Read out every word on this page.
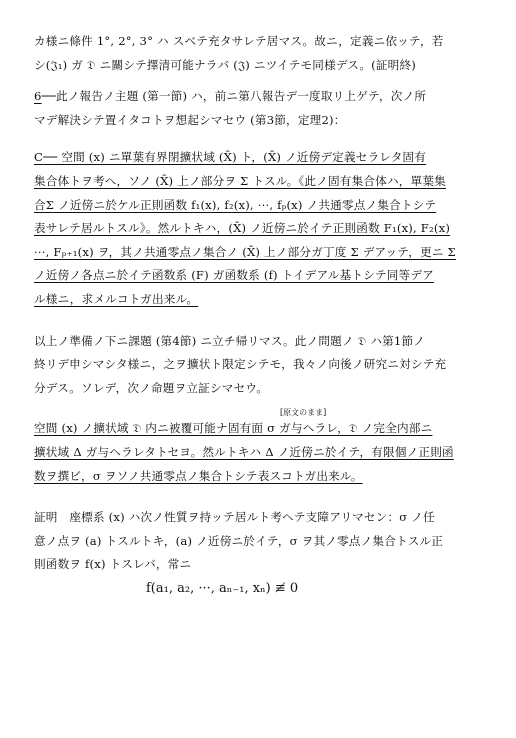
カ様ニ條件 1°, 2°, 3° ハ スベテ充タサレテ居マス。故ニ，定義ニ依ッテ，若
シ(𝔍₁) ガ 𝔇 ニ關シテ擇清可能ナラバ (𝔍) ニツイテモ同様デス。(証明終)
6──此ノ報告ノ主題 (第一節) ハ，前ニ第八報告デ一度取リ上ゲテ，次ノ所
マデ解決シテ置イタコトヲ想起シマセウ (第3節，定理2)：
C── 空間 (x) ニ單葉有界閉擴状域 (X̄) ト，(X̄) ノ近傍デ定義セラレタ固有
集合体トヲ考ヘ，ソノ (X̄) 上ノ部分ヲ Σ トスル。《此ノ固有集合体ハ，單葉集
合Σ ノ近傍ニ於ケル正則函数 f₁(x), f₂(x), ···, fₚ(x) ノ共通零点ノ集合トシテ
表サレテ居ルトスル》。然ルトキハ，(X̄) ノ近傍ニ於イテ正則函数 F₁(x), F₂(x)
···, Fₚ₊₁(x) ヲ，其ノ共通零点ノ集合ノ (X̄) 上ノ部分ガ丁度 Σ デアッテ，更ニ Σ
ノ近傍ノ各点ニ於イテ函数系 (F) ガ函数系 (f) トイデアル基トシテ同等デア
ル様ニ，求メルコトガ出来ル。
以上ノ準備ノ下ニ課題 (第4節) ニ立チ帰リマス。此ノ問題ノ 𝔇 ハ第1節ノ
終リデ申シマシタ様ニ，之ヲ擴状ト限定シテモ，我々ノ向後ノ研究ニ対シテ充
分デス。ソレデ，次ノ命題ヲ立証シマセウ。
[原文のまま]
空間 (x) ノ擴状域 𝔇 内ニ被覆可能ナ固有面 σ ガ与ヘラレ，𝔇 ノ完全内部ニ
擴状域 Δ ガ与ヘラレタトセヨ。然ルトキハ Δ ノ近傍ニ於イテ，有限個ノ正則函
数ヲ撰ビ，σ ヲソノ共通零点ノ集合トシテ表スコトガ出来ル。
証明　座標系 (x) ハ次ノ性質ヲ持ッテ居ルト考ヘテ支障アリマセン：σ ノ任
意ノ点ヲ (a) トスルトキ，(a) ノ近傍ニ於イテ，σ ヲ其ノ零点ノ集合トスル正
則函数ヲ f(x) トスレバ，常ニ
f(a₁, a₂, ···, aₙ₋₁, xₙ) ≢ 0
